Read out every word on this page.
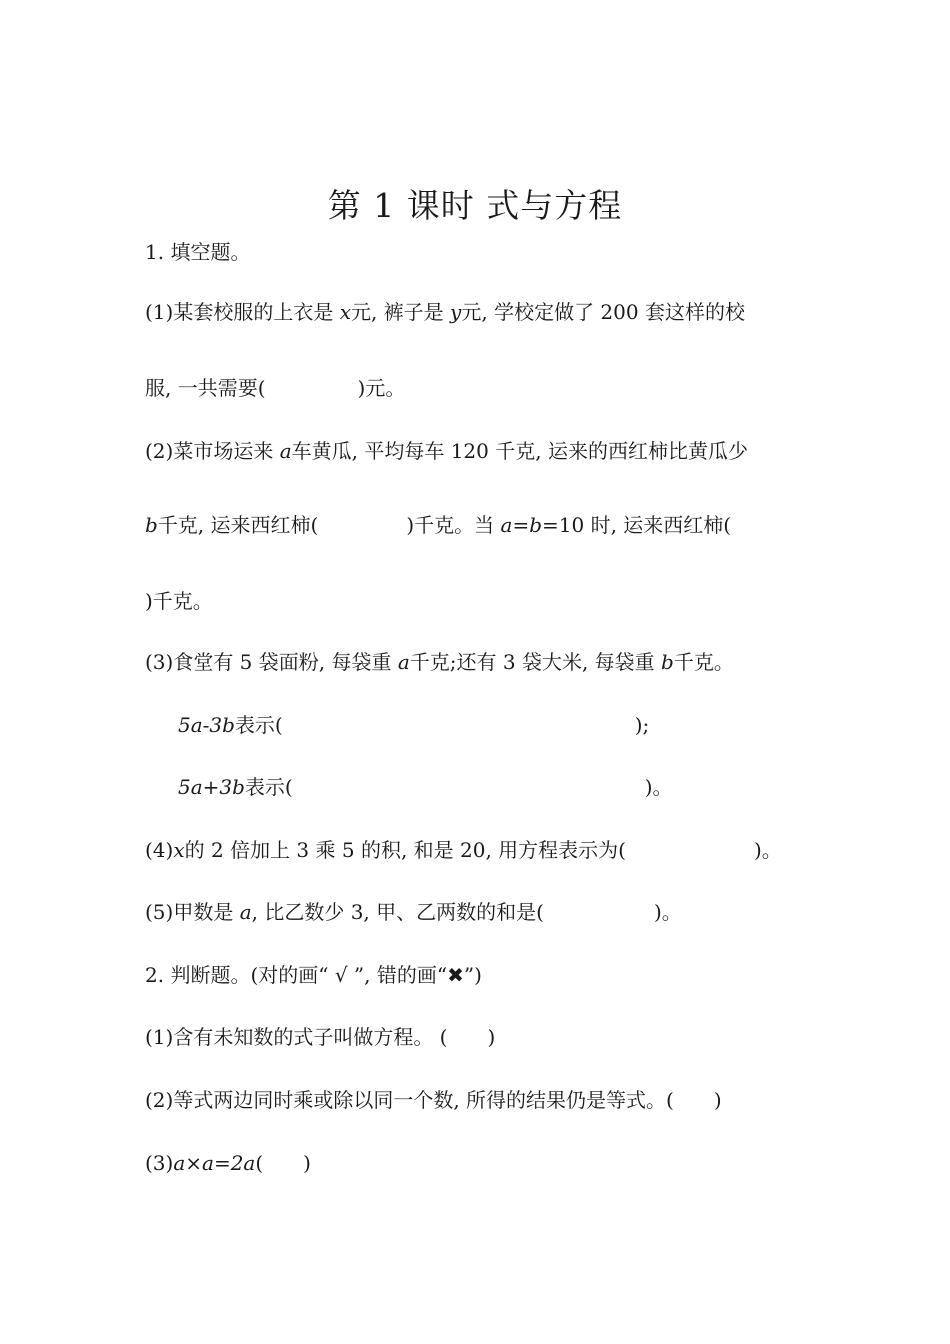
第 1 课时 式与方程
1. 填空题。
(1)某套校服的上衣是 x元, 裤子是 y元, 学校定做了 200 套这样的校
服, 一共需要(	)元。
(2)菜市场运来 a车黄瓜, 平均每车 120 千克, 运来的西红柿比黄瓜少
b千克, 运来西红柿(	)千克。当 a=b=10 时, 运来西红柿(
)千克。
(3)食堂有 5 袋面粉, 每袋重 a千克;还有 3 袋大米, 每袋重 b千克。
5a-3b表示(	);
5a+3b表示(	)。
(4)x的 2 倍加上 3 乘 5 的积, 和是 20, 用方程表示为(	)。
(5)甲数是 a, 比乙数少 3, 甲、乙两数的和是(	)。
2. 判断题。(对的画“ √ ”, 错的画“✖”)
(1)含有未知数的式子叫做方程。 ( )
(2)等式两边同时乘或除以同一个数, 所得的结果仍是等式。( )
(3)a×a=2a( )
